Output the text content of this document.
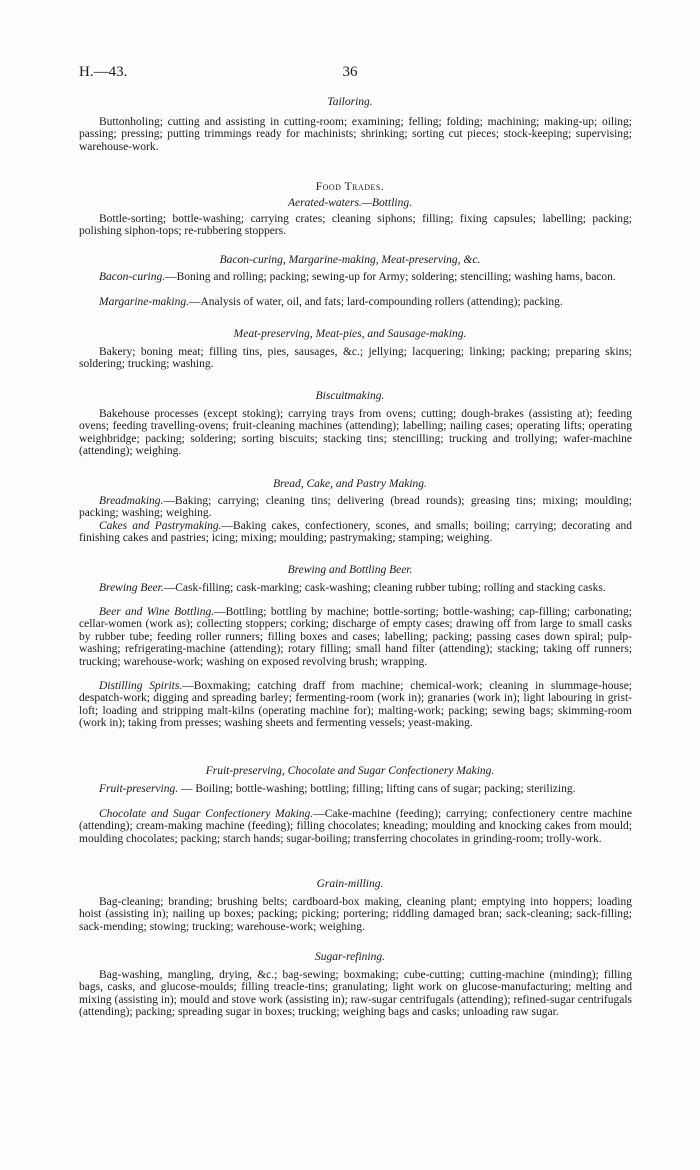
H.—43.	36
Tailoring.
Buttonholing; cutting and assisting in cutting-room; examining; felling; folding; machining; making-up; oiling; passing; pressing; putting trimmings ready for machinists; shrinking; sorting cut pieces; stock-keeping; supervising; warehouse-work.
Food Trades.
Aerated-waters.—Bottling.
Bottle-sorting; bottle-washing; carrying crates; cleaning siphons; filling; fixing capsules; labelling; packing; polishing siphon-tops; re-rubbering stoppers.
Bacon-curing, Margarine-making, Meat-preserving, &c.
Bacon-curing.—Boning and rolling; packing; sewing-up for Army; soldering; stencilling; washing hams, bacon.
Margarine-making.—Analysis of water, oil, and fats; lard-compounding rollers (attending); packing.
Meat-preserving, Meat-pies, and Sausage-making.
Bakery; boning meat; filling tins, pies, sausages, &c.; jellying; lacquering; linking; packing; preparing skins; soldering; trucking; washing.
Biscuitmaking.
Bakehouse processes (except stoking); carrying trays from ovens; cutting; dough-brakes (assisting at); feeding ovens; feeding travelling-ovens; fruit-cleaning machines (attending); labelling; nailing cases; operating lifts; operating weighbridge; packing; soldering; sorting biscuits; stacking tins; stencilling; trucking and trollying; wafer-machine (attending); weighing.
Bread, Cake, and Pastry Making.
Breadmaking.—Baking; carrying; cleaning tins; delivering (bread rounds); greasing tins; mixing; moulding; packing; washing; weighing.
Cakes and Pastrymaking.—Baking cakes, confectionery, scones, and smalls; boiling; carrying; decorating and finishing cakes and pastries; icing; mixing; moulding; pastrymaking; stamping; weighing.
Brewing and Bottling Beer.
Brewing Beer.—Cask-filling; cask-marking; cask-washing; cleaning rubber tubing; rolling and stacking casks.
Beer and Wine Bottling.—Bottling; bottling by machine; bottle-sorting; bottle-washing; cap-filling; carbonating; cellar-women (work as); collecting stoppers; corking; discharge of empty cases; drawing off from large to small casks by rubber tube; feeding roller runners; filling boxes and cases; labelling; packing; passing cases down spiral; pulp-washing; refrigerating-machine (attending); rotary filling; small hand filter (attending); stacking; taking off runners; trucking; warehouse-work; washing on exposed revolving brush; wrapping.
Distilling Spirits.—Boxmaking; catching draff from machine; chemical-work; cleaning in slummage-house; despatch-work; digging and spreading barley; fermenting-room (work in); granaries (work in); light labouring in grist-loft; loading and stripping malt-kilns (operating machine for); malting-work; packing; sewing bags; skimming-room (work in); taking from presses; washing sheets and fermenting vessels; yeast-making.
Fruit-preserving, Chocolate and Sugar Confectionery Making.
Fruit-preserving. — Boiling; bottle-washing; bottling; filling; lifting cans of sugar; packing; sterilizing.
Chocolate and Sugar Confectionery Making.—Cake-machine (feeding); carrying; confectionery centre machine (attending); cream-making machine (feeding); filling chocolates; kneading; moulding and knocking cakes from mould; moulding chocolates; packing; starch hands; sugar-boiling; transferring chocolates in grinding-room; trolly-work.
Grain-milling.
Bag-cleaning; branding; brushing belts; cardboard-box making, cleaning plant; emptying into hoppers; loading hoist (assisting in); nailing up boxes; packing; picking; portering; riddling damaged bran; sack-cleaning; sack-filling; sack-mending; stowing; trucking; warehouse-work; weighing.
Sugar-refining.
Bag-washing, mangling, drying, &c.; bag-sewing; boxmaking; cube-cutting; cutting-machine (minding); filling bags, casks, and glucose-moulds; filling treacle-tins; granulating; light work on glucose-manufacturing; melting and mixing (assisting in); mould and stove work (assisting in); raw-sugar centrifugals (attending); refined-sugar centrifugals (attending); packing; spreading sugar in boxes; trucking; weighing bags and casks; unloading raw sugar.
